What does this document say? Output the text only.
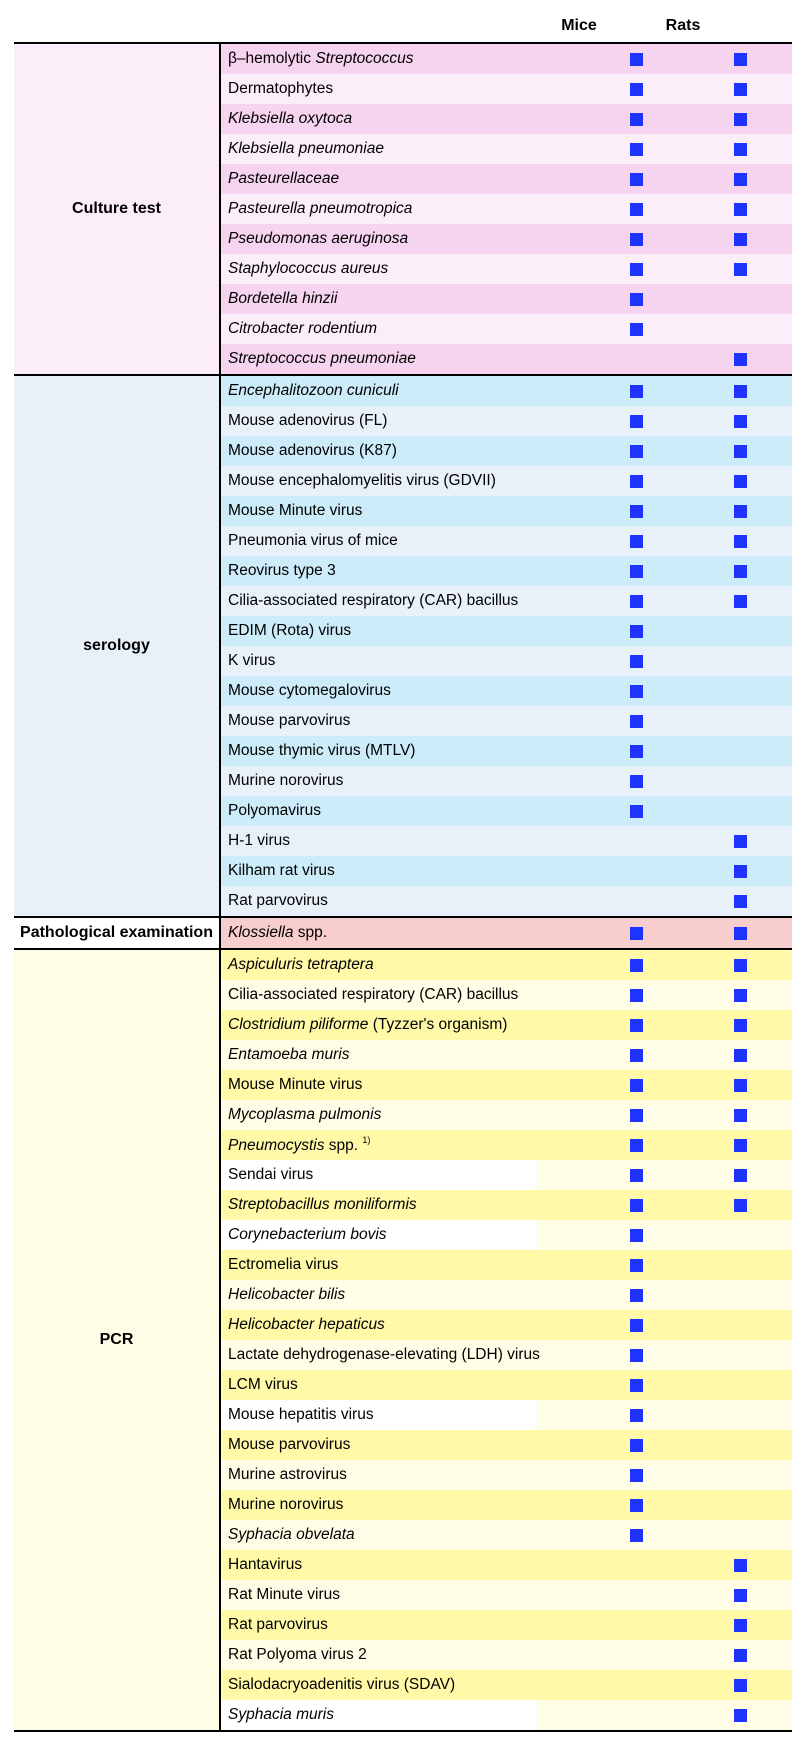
Mice	Rats
Culture test
β–hemolytic Streptococcus
Dermatophytes
Klebsiella oxytoca
Klebsiella pneumoniae
Pasteurellaceae
Pasteurella pneumotropica
Pseudomonas aeruginosa
Staphylococcus aureus
Bordetella hinzii
Citrobacter rodentium
Streptococcus pneumoniae
serology
Encephalitozoon cuniculi
Mouse adenovirus (FL)
Mouse adenovirus (K87)
Mouse encephalomyelitis virus (GDVII)
Mouse Minute virus
Pneumonia virus of mice
Reovirus type 3
Cilia-associated respiratory (CAR) bacillus
EDIM (Rota) virus
K virus
Mouse cytomegalovirus
Mouse parvovirus
Mouse thymic virus (MTLV)
Murine norovirus
Polyomavirus
H-1 virus
Kilham rat virus
Rat parvovirus
Pathological examination Klossiella spp.
PCR
Aspiculuris tetraptera
Cilia-associated respiratory (CAR) bacillus
Clostridium piliforme (Tyzzer's organism)
Entamoeba muris
Mouse Minute virus
Mycoplasma pulmonis
Pneumocystis spp. $^{1)}$
Sendai virus
Streptobacillus moniliformis
Corynebacterium bovis
Ectromelia virus
Helicobacter bilis
Helicobacter hepaticus
Lactate dehydrogenase-elevating (LDH) virus
LCM virus
Mouse hepatitis virus
Mouse parvovirus
Murine astrovirus
Murine norovirus
Syphacia obvelata
Hantavirus
Rat Minute virus
Rat parvovirus
Rat Polyoma virus 2
Sialodacryoadenitis virus (SDAV)
Syphacia muris
